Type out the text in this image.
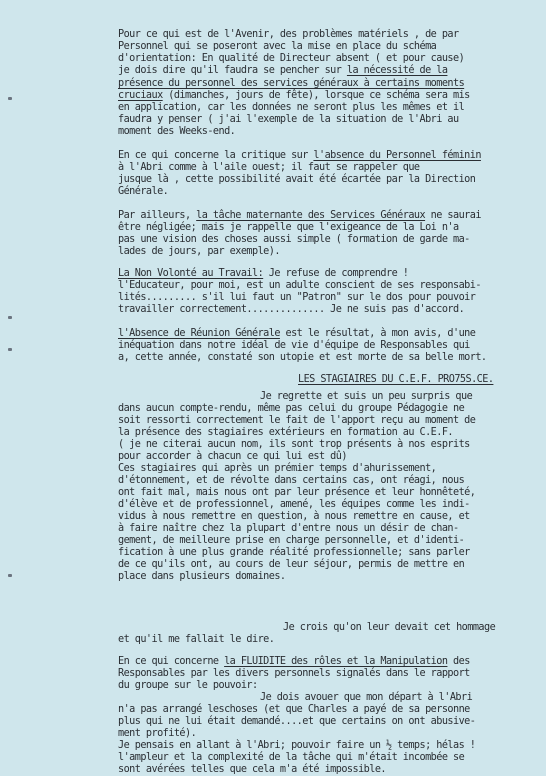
Pour ce qui est de l'Avenir, des problèmes matériels , de par
Personnel qui se poseront avec la mise en place du schéma
d'orientation: En qualité de Directeur absent ( et pour cause)
je dois dire qu'il faudra se pencher sur la nécessité de la
présence du personnel des services généraux à certains moments
cruciaux (dimanches, jours de fête), lorsque ce schéma sera mis
en application, car les données ne seront plus les mêmes et il
faudra y penser ( j'ai l'exemple de la situation de l'Abri au
moment des Weeks-end.
En ce qui concerne la critique sur l'absence du Personnel féminin
à l'Abri comme à l'aile ouest; il faut se rappeler que
jusque là , cette possibilité avait été écartée par la Direction
Générale.
Par ailleurs, la tâche maternante des Services Généraux ne saurai
être négligée; mais je rappelle que l'exigeance de la Loi n'a
pas une vision des choses aussi simple ( formation de garde ma-
lades de jours, par exemple).
La Non Volonté au Travail: Je refuse de comprendre !
l'Educateur, pour moi, est un adulte conscient de ses responsabi-
lités......... s'il lui faut un "Patron" sur le dos pour pouvoir
travailler correctement.............. Je ne suis pas d'accord.
l'Absence de Réunion Générale est le résultat, à mon avis, d'une
inéquation dans notre idéal de vie d'équipe de Responsables qui
a, cette année, constaté son utopie et est morte de sa belle mort.
LES STAGIAIRES DU C.E.F. PRO75S.CE.
Je regrette et suis un peu surpris que
dans aucun compte-rendu, même pas celui du groupe Pédagogie ne
soit ressorti correctement le fait de l'apport reçu au moment de
la présence des stagiaires extérieurs en formation au C.E.F.
( je ne citerai aucun nom, ils sont trop présents à nos esprits
pour accorder à chacun ce qui lui est dû)
Ces stagiaires qui après un prémier temps d'ahurissement,
d'étonnement, et de révolte dans certains cas, ont réagi, nous
ont fait mal, mais nous ont par leur présence et leur honnêteté,
d'élève et de professionnel, amené, les équipes comme les indi-
vidus à nous remettre en question, à nous remettre en cause, et
à faire naître chez la plupart d'entre nous un désir de chan-
gement, de meilleure prise en charge personnelle, et d'identi-
fication à une plus grande réalité professionnelle; sans parler
de ce qu'ils ont, au cours de leur séjour, permis de mettre en
place dans plusieurs domaines.
Je crois qu'on leur devait cet hommage
et qu'il me fallait le dire.
En ce qui concerne la FLUIDITE des rôles et la Manipulation des
Responsables par les divers personnels signalés dans le rapport
du groupe sur le pouvoir:
Je dois avouer que mon départ à l'Abri
n'a pas arrangé leschoses (et que Charles a payé de sa personne
plus qui ne lui était demandé....et que certains on ont abusive-
ment profité).
Je pensais en allant à l'Abri; pouvoir faire un ½ temps; hélas !
l'ampleur et la complexité de la tâche qui m'était incombée se
sont avérées telles que cela m'a été impossible.
